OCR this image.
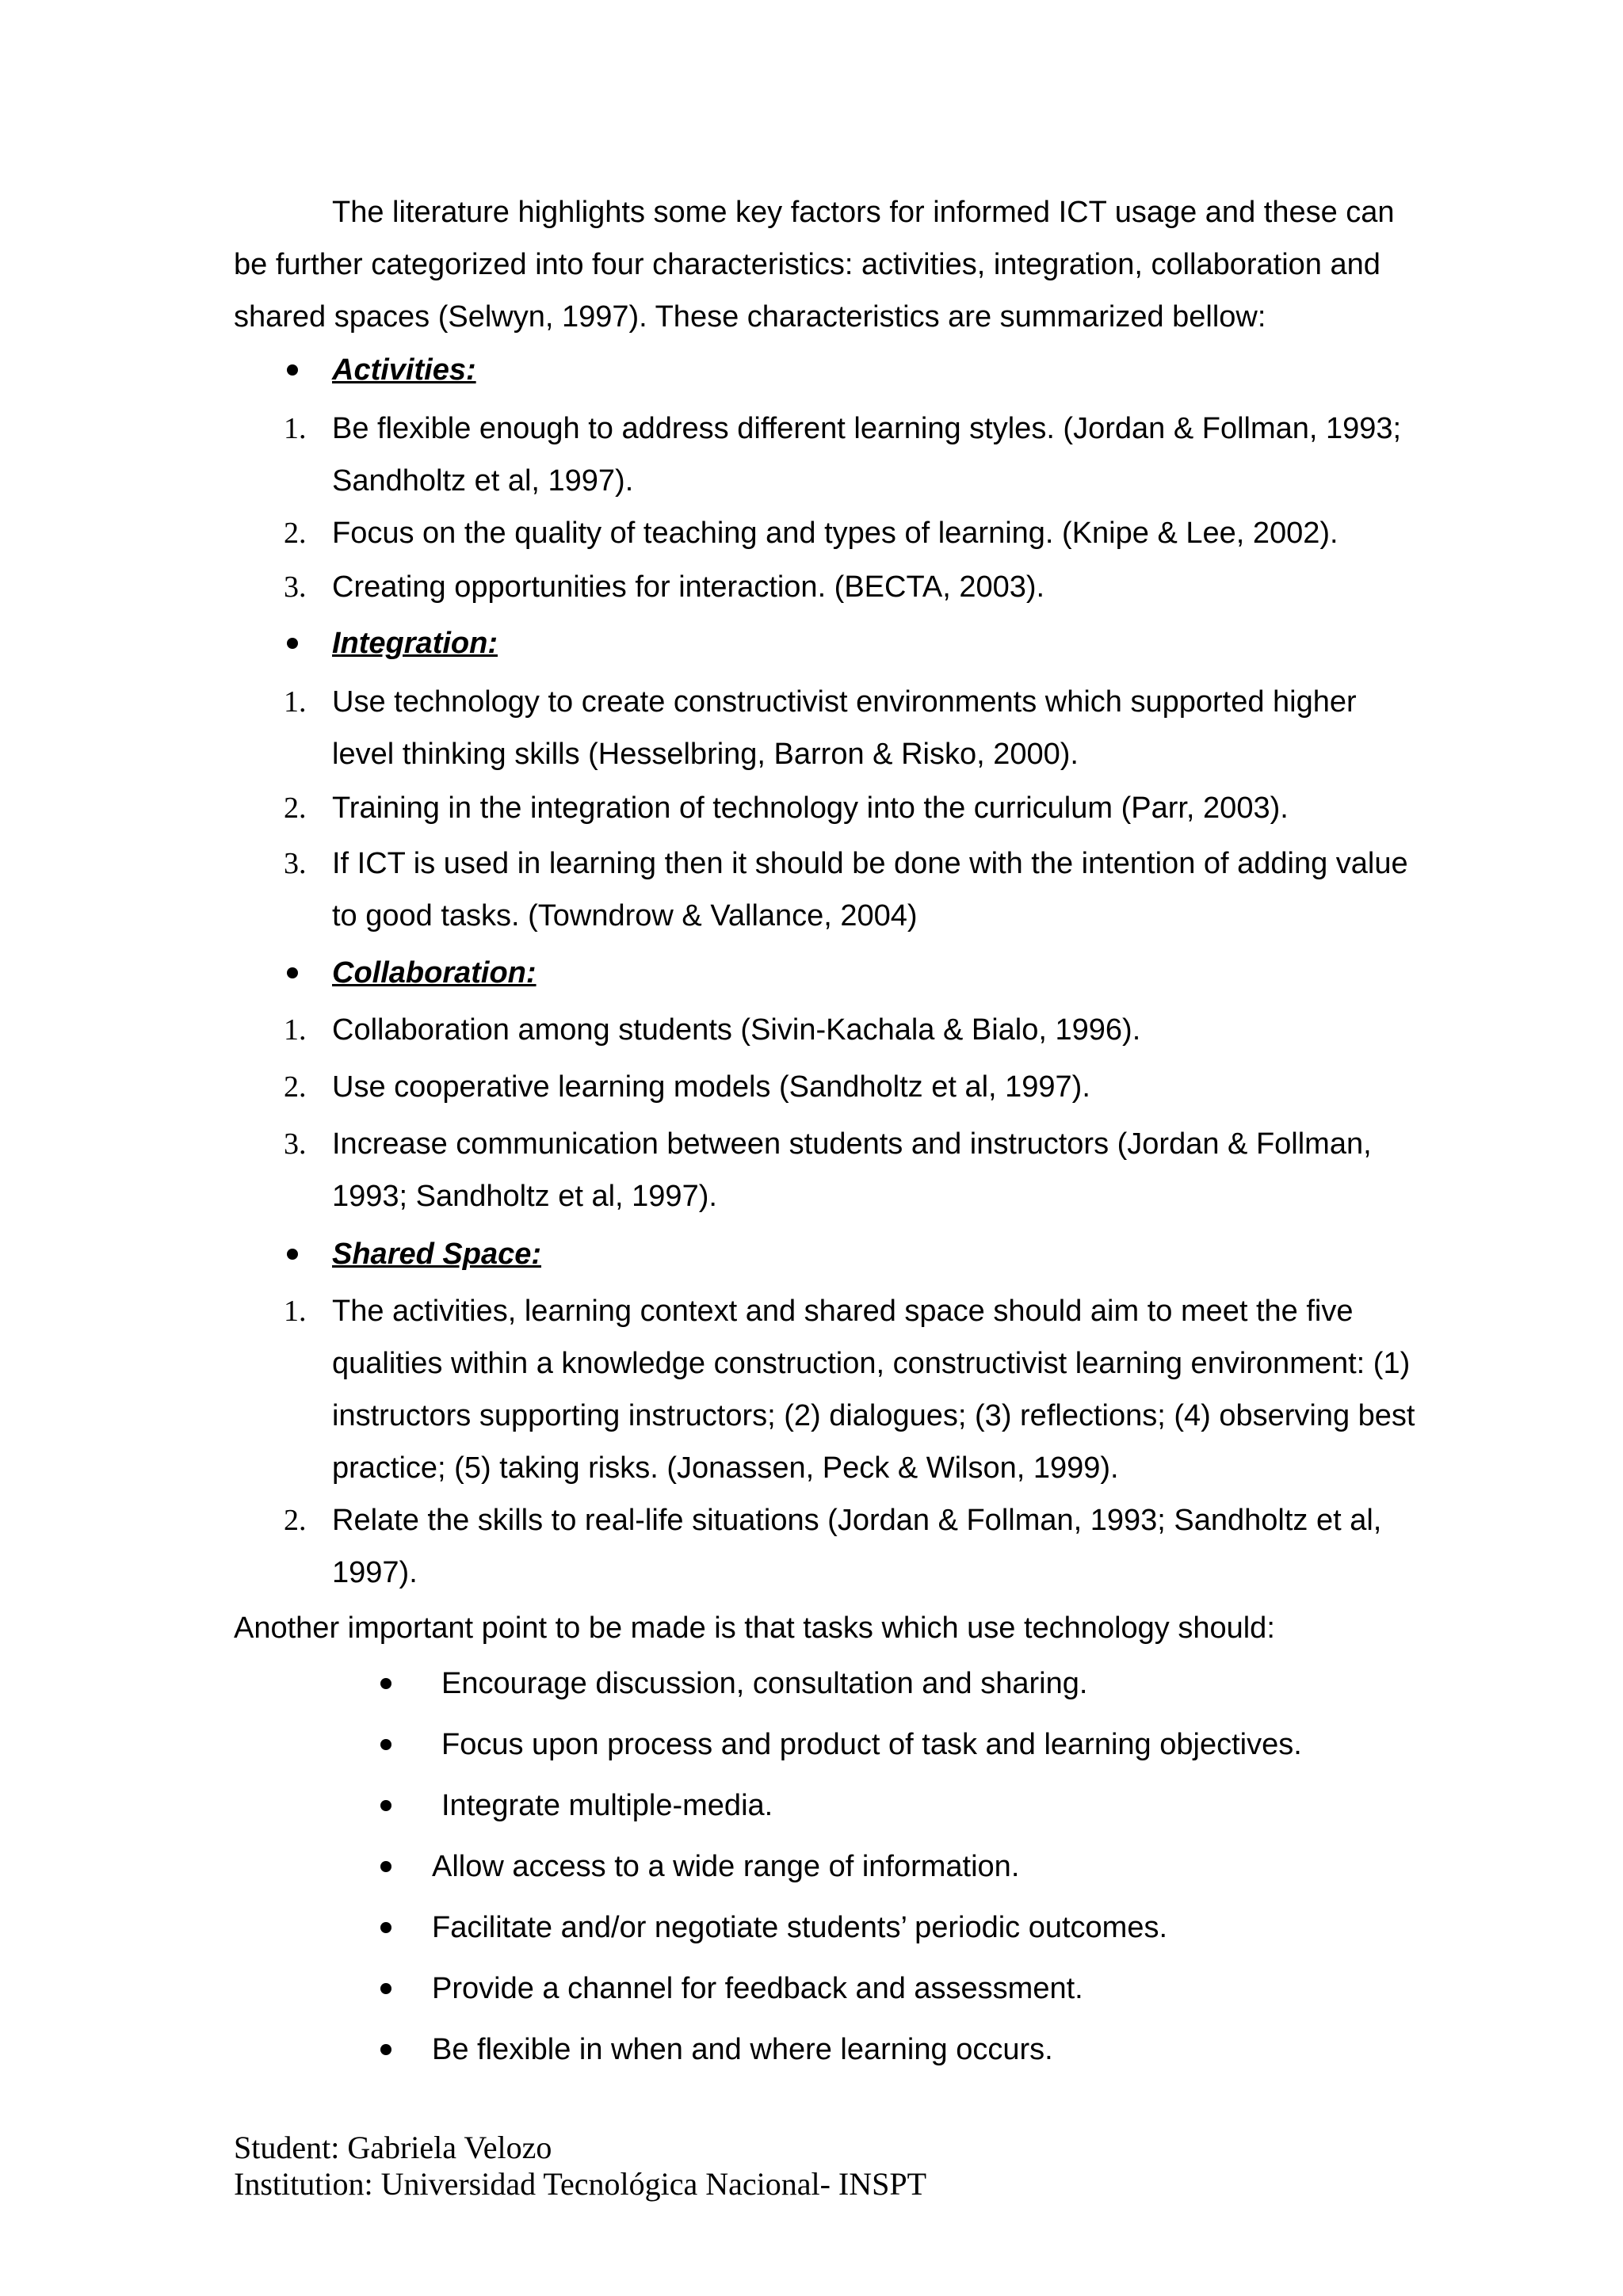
The literature highlights some key factors for informed ICT usage and these can be further categorized into four characteristics: activities, integration, collaboration and shared spaces (Selwyn, 1997). These characteristics are summarized bellow:

Activities:
1. Be flexible enough to address different learning styles. (Jordan & Follman, 1993; Sandholtz et al, 1997).
2. Focus on the quality of teaching and types of learning. (Knipe & Lee, 2002).
3. Creating opportunities for interaction. (BECTA, 2003).
Integration:
1. Use technology to create constructivist environments which supported higher level thinking skills (Hesselbring, Barron & Risko, 2000).
2. Training in the integration of technology into the curriculum (Parr, 2003).
3. If ICT is used in learning then it should be done with the intention of adding value to good tasks. (Towndrow & Vallance, 2004)
Collaboration:
1. Collaboration among students (Sivin-Kachala & Bialo, 1996).
2. Use cooperative learning models (Sandholtz et al, 1997).
3. Increase communication between students and instructors (Jordan & Follman, 1993; Sandholtz et al, 1997).
Shared Space:
1. The activities, learning context and shared space should aim to meet the five qualities within a knowledge construction, constructivist learning environment: (1) instructors supporting instructors; (2) dialogues; (3) reflections; (4) observing best practice; (5) taking risks. (Jonassen, Peck & Wilson, 1999).
2. Relate the skills to real-life situations (Jordan & Follman, 1993; Sandholtz et al, 1997).

Another important point to be made is that tasks which use technology should:

Encourage discussion, consultation and sharing.
Focus upon process and product of task and learning objectives.
Integrate multiple-media.
Allow access to a wide range of information.
Facilitate and/or negotiate students’ periodic outcomes.
Provide a channel for feedback and assessment.
Be flexible in when and where learning occurs.
Student: Gabriela Velozo
Institution: Universidad Tecnológica Nacional- INSPT
